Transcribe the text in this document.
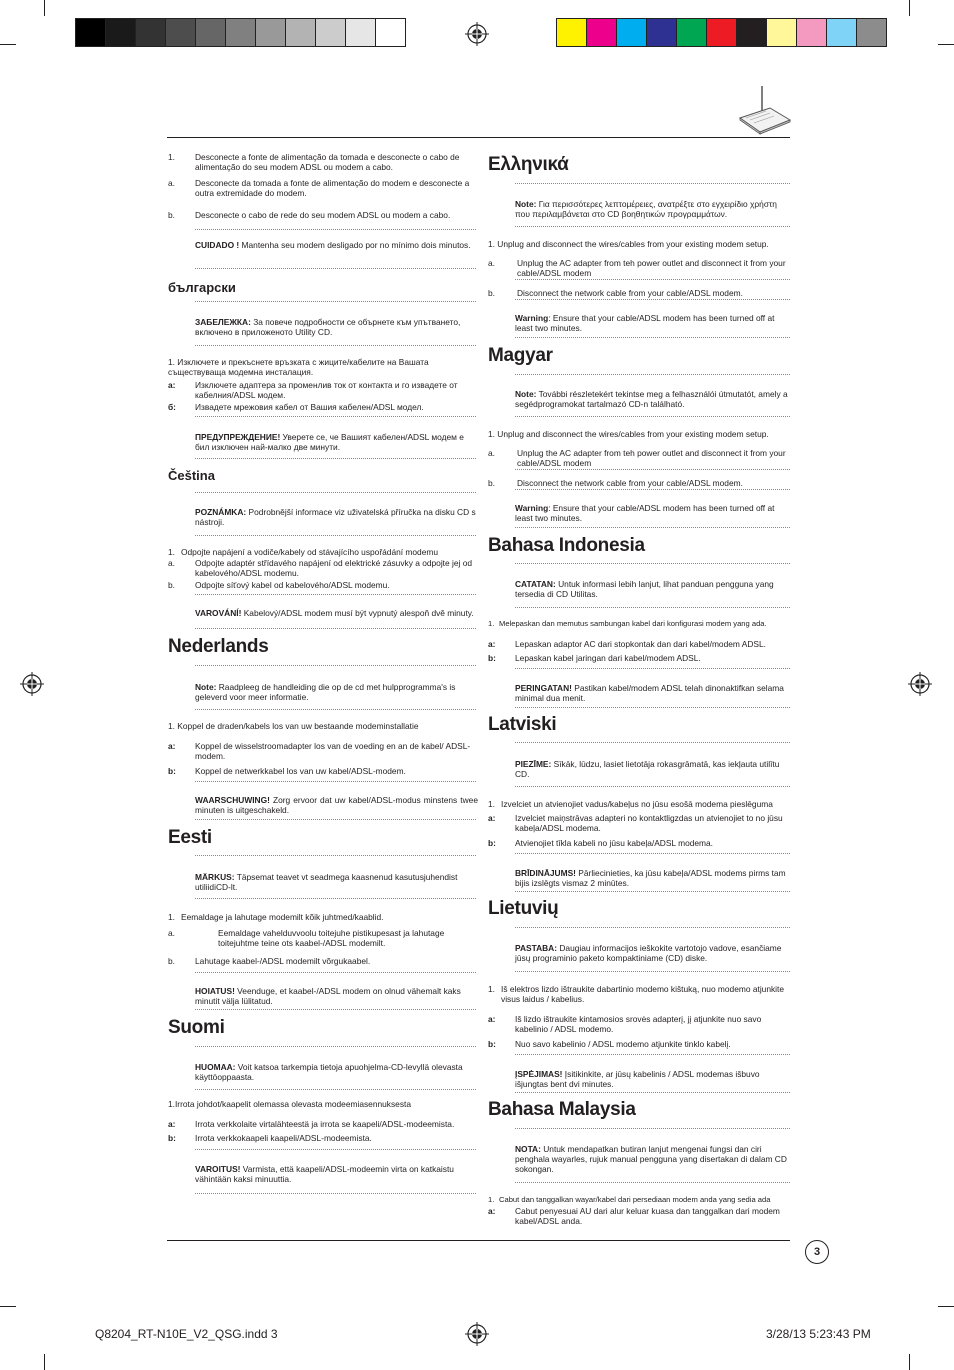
1.	Desconecte a fonte de alimentação da tomada e desconecte o cabo de alimentação do seu modem ADSL ou modem a cabo.
a.	Desconecte da tomada a fonte de alimentação do modem e desconecte a outra extremidade do modem.
b.	Desconecte o cabo de rede do seu modem ADSL ou modem a cabo.

CUIDADO ! Mantenha seu modem desligado por no mínimo dois minutos.

български

ЗАБЕЛЕЖКА: За повече подробности се обърнете към упътването, включено в приложеното Utility CD.

1. Изключете и прекъснете връзката с жиците/кабелите на Вашата съществуваща модемна инсталация.

a:	Изключете адаптера за променлив ток от контакта и го извадете от кабелния/ADSL модем.
б:	Извадете мрежовия кабел от Вашия кабелен/ADSL модел.

ПРЕДУПРЕЖДЕНИЕ! Уверете се, че Вашият кабелен/ADSL модем е бил изключен най-малко две минути.

Čeština

POZNÁMKA: Podrobnější informace viz uživatelská příručka na disku CD s nástroji.

1. Odpojte napájení a vodiče/kabely od stávajícího uspořádání modemu
a.	Odpojte adaptér střídavého napájení od elektrické zásuvky a odpojte jej od kabelového/ADSL modemu.
b.	Odpojte síťový kabel od kabelového/ADSL modemu.

VAROVÁNÍ! Kabelový/ADSL modem musí být vypnutý alespoň dvě minuty.

Nederlands

Note: Raadpleeg de handleiding die op de cd met hulpprogramma's is geleverd voor meer informatie.

1. Koppel de draden/kabels los van uw bestaande modeminstallatie

a:	Koppel de wisselstroomadapter los van de voeding en an de kabel/ ADSL-modem.
b:	Koppel de netwerkkabel los van uw kabel/ADSL-modem.

WAARSCHUWING! Zorg ervoor dat uw kabel/ADSL-modus minstens twee minuten is uitgeschakeld.

Eesti

MÄRKUS: Täpsemat teavet vt seadmega kaasnenud kasutusjuhendist utiliidiCD-lt.

1. Eemaldage ja lahutage modemilt kõik juhtmed/kaablid.
a.	Eemaldage vahelduvvoolu toitejuhe pistikupesast ja lahutage toitejuhtme teine ots kaabel-/ADSL modemilt.
b.	Lahutage kaabel-/ADSL modemilt võrgukaabel.

HOIATUS! Veenduge, et kaabel-/ADSL modem on olnud vähemalt kaks minutit välja lülitatud.

Suomi

HUOMAA: Voit katsoa tarkempia tietoja apuohjelma-CD-levyllä olevasta käyttöoppaasta.

1.Irrota johdot/kaapelit olemassa olevasta modeemiasennuksesta

a:	Irrota verkkolaite virtalähteestä ja irrota se kaapeli/ADSL-modeemista.
b:	Irrota verkkokaapeli kaapeli/ADSL-modeemista.

VAROITUS! Varmista, että kaapeli/ADSL-modeemin virta on katkaistu vähintään kaksi minuuttia.

Ελληνικά

Note: Για περισσότερες λεπτομέρειες, ανατρέξτε στο εγχειρίδιο χρήστη που περιλαμβάνεται στο CD βοηθητικών προγραμμάτων.

1. Unplug and disconnect the wires/cables from your existing modem setup.

a.	Unplug the AC adapter from teh power outlet and disconnect it from your cable/ADSL modem
b.	Disconnect the network cable from your cable/ADSL modem.

Warning: Ensure that your cable/ADSL modem has been turned off at least two minutes.

Magyar

Note: További részletekért tekintse meg a felhasználói útmutatót, amely a segédprogramokat tartalmazó CD-n található.

1. Unplug and disconnect the wires/cables from your existing modem setup.

a.	Unplug the AC adapter from teh power outlet and disconnect it from your cable/ADSL modem
b.	Disconnect the network cable from your cable/ADSL modem.

Warning: Ensure that your cable/ADSL modem has been turned off at least two minutes.

Bahasa Indonesia

CATATAN: Untuk informasi lebih lanjut, lihat panduan pengguna yang tersedia di CD Utilitas.

1. Melepaskan dan memutus sambungan kabel dari konfigurasi modem yang ada.
a:	Lepaskan adaptor AC dari stopkontak dan dari kabel/modem ADSL.
b:	Lepaskan kabel jaringan dari kabel/modem ADSL.

PERINGATAN! Pastikan kabel/modem ADSL telah dinonaktifkan selama minimal dua menit.

Latviski

PIEZĪME: Sīkāk, lūdzu, lasiet lietotāja rokasgrāmatā, kas iekļauta utilītu CD.

1. Izvelciet un atvienojiet vadus/kabeļus no jūsu esošā modema pieslēguma
a:	Izvelciet maiņstrāvas adapteri no kontaktligzdas un atvienojiet to no jūsu kabeļa/ADSL modema.
b:	Atvienojiet tīkla kabeli no jūsu kabeļa/ADSL modema.

BRĪDINĀJUMS! Pārliecinieties, ka jūsu kabeļa/ADSL modems pirms tam bijis izslēgts vismaz 2 minūtes.

Lietuvių

PASTABA: Daugiau informacijos ieškokite vartotojo vadove, esančiame jūsų programinio paketo kompaktiniame (CD) diske.

1. Iš elektros lizdo ištraukite dabartinio modemo kištuką, nuo modemo atjunkite visus laidus / kabelius.
a:	Iš lizdo ištraukite kintamosios srovės adapterį, jį atjunkite nuo savo kabelinio / ADSL modemo.
b:	Nuo savo kabelinio / ADSL modemo atjunkite tinklo kabelį.

ĮSPĖJIMAS! Įsitikinkite, ar jūsų kabelinis / ADSL modemas išbuvo išjungtas bent dvi minutes.

Bahasa Malaysia

NOTA: Untuk mendapatkan butiran lanjut mengenai fungsi dan ciri penghala wayarles, rujuk manual pengguna yang disertakan di dalam CD sokongan.

1. Cabut dan tanggalkan wayar/kabel dari persediaan modem anda yang sedia ada
a:	Cabut penyesuai AU dari alur keluar kuasa dan tanggalkan dari modem kabel/ADSL anda.
3
Q8204_RT-N10E_V2_QSG.indd 3	3/28/13 5:23:43 PM
